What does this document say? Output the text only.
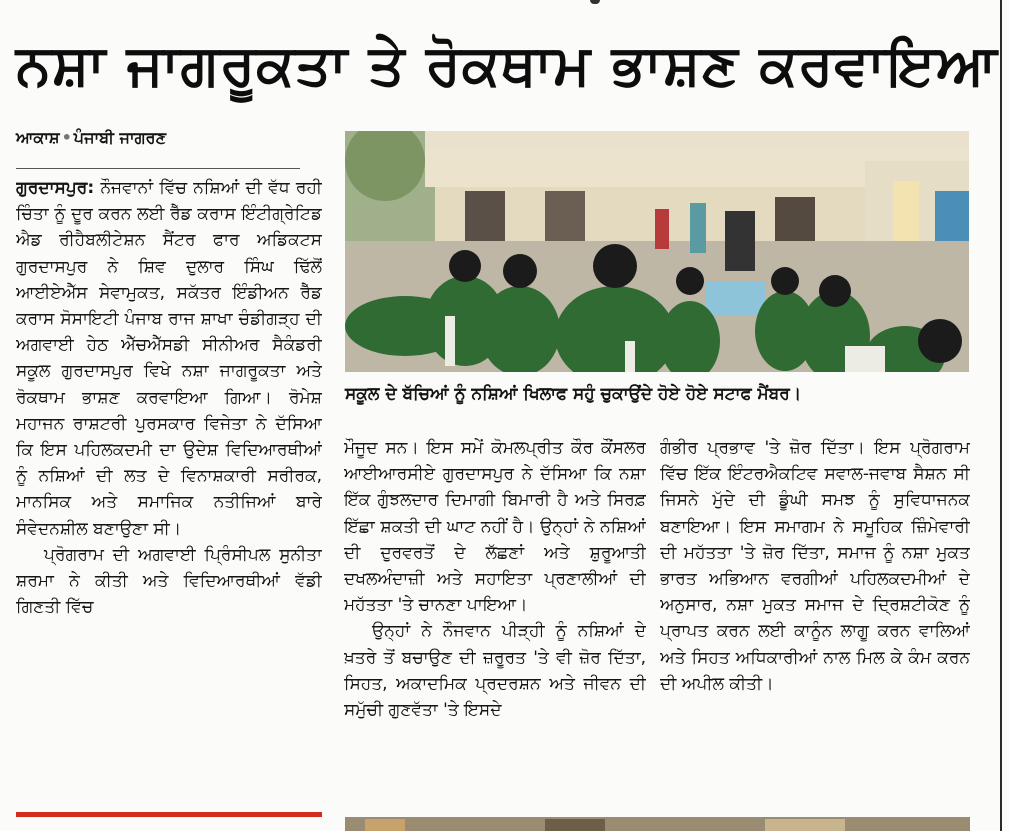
ਨਸ਼ਾ ਜਾਗਰੂਕਤਾ ਤੇ ਰੋਕਥਾਮ ਭਾਸ਼ਣ ਕਰਵਾਇਆ
ਆਕਾਸ਼ • ਪੰਜਾਬੀ ਜਾਗਰਣ

ਗੁਰਦਾਸਪੁਰ: ਨੌਜਵਾਨਾਂ ਵਿੱਚ ਨਸ਼ਿਆਂ ਦੀ ਵੱਧ ਰਹੀ ਚਿੰਤਾ ਨੂੰ ਦੂਰ ਕਰਨ ਲਈ ਰੈੱਡ ਕਰਾਸ ਇੰਟੀਗ੍ਰੇਟਿਡ ਐਡ ਰੀਹੈਬਲੀਟੇਸ਼ਨ ਸੈਂਟਰ ਫਾਰ ਅਡਿਕਟਸ ਗੁਰਦਾਸਪੁਰ ਨੇ ਸ਼ਿਵ ਦੁਲਾਰ ਸਿੰਘ ਢਿੱਲੋਂ ਆਈਏਐੱਸ ਸੇਵਾਮੁਕਤ, ਸਕੱਤਰ ਇੰਡੀਅਨ ਰੈੱਡ ਕਰਾਸ ਸੋਸਾਇਟੀ ਪੰਜਾਬ ਰਾਜ ਸ਼ਾਖਾ ਚੰਡੀਗੜ੍ਹ ਦੀ ਅਗਵਾਈ ਹੇਠ ਐੱਚਐੱਸਡੀ ਸੀਨੀਅਰ ਸੈਕੰਡਰੀ ਸਕੂਲ ਗੁਰਦਾਸਪੁਰ ਵਿਖੇ ਨਸ਼ਾ ਜਾਗਰੂਕਤਾ ਅਤੇ ਰੋਕਥਾਮ ਭਾਸ਼ਣ ਕਰਵਾਇਆ ਗਿਆ। ਰੋਮੇਸ਼ ਮਹਾਜਨ ਰਾਸ਼ਟਰੀ ਪੁਰਸਕਾਰ ਵਿਜੇਤਾ ਨੇ ਦੱਸਿਆ ਕਿ ਇਸ ਪਹਿਲਕਦਮੀ ਦਾ ਉਦੇਸ਼ ਵਿਦਿਆਰਥੀਆਂ ਨੂੰ ਨਸ਼ਿਆਂ ਦੀ ਲਤ ਦੇ ਵਿਨਾਸ਼ਕਾਰੀ ਸਰੀਰਕ, ਮਾਨਸਿਕ ਅਤੇ ਸਮਾਜਿਕ ਨਤੀਜਿਆਂ ਬਾਰੇ ਸੰਵੇਦਨਸ਼ੀਲ ਬਣਾਉਣਾ ਸੀ।

ਪ੍ਰੋਗਰਾਮ ਦੀ ਅਗਵਾਈ ਪ੍ਰਿੰਸੀਪਲ ਸੁਨੀਤਾ ਸ਼ਰਮਾ ਨੇ ਕੀਤੀ ਅਤੇ ਵਿਦਿਆਰਥੀਆਂ ਵੱਡੀ ਗਿਣਤੀ ਵਿੱਚ

ਸਕੂਲ ਦੇ ਬੱਚਿਆਂ ਨੂੰ ਨਸ਼ਿਆਂ ਖਿਲਾਫ ਸਹੁੰ ਚੁਕਾਉਂਦੇ ਹੋਏ ਹੋਏ ਸਟਾਫ ਮੈਂਬਰ।

ਮੌਜੂਦ ਸਨ। ਇਸ ਸਮੇਂ ਕੋਮਲਪ੍ਰੀਤ ਕੌਰ ਕੌਂਸਲਰ ਆਈਆਰਸੀਏ ਗੁਰਦਾਸਪੁਰ ਨੇ ਦੱਸਿਆ ਕਿ ਨਸ਼ਾ ਇੱਕ ਗੁੰਝਲਦਾਰ ਦਿਮਾਗੀ ਬਿਮਾਰੀ ਹੈ ਅਤੇ ਸਿਰਫ਼ ਇੱਛਾ ਸ਼ਕਤੀ ਦੀ ਘਾਟ ਨਹੀਂ ਹੈ। ਉਨ੍ਹਾਂ ਨੇ ਨਸ਼ਿਆਂ ਦੀ ਦੁਰਵਰਤੋਂ ਦੇ ਲੱਛਣਾਂ ਅਤੇ ਸ਼ੁਰੂਆਤੀ ਦਖਲਅੰਦਾਜ਼ੀ ਅਤੇ ਸਹਾਇਤਾ ਪ੍ਰਣਾਲੀਆਂ ਦੀ ਮਹੱਤਤਾ 'ਤੇ ਚਾਨਣਾ ਪਾਇਆ।

ਉਨ੍ਹਾਂ ਨੇ ਨੌਜਵਾਨ ਪੀੜ੍ਹੀ ਨੂੰ ਨਸ਼ਿਆਂ ਦੇ ਖ਼ਤਰੇ ਤੋਂ ਬਚਾਉਣ ਦੀ ਜ਼ਰੂਰਤ 'ਤੇ ਵੀ ਜ਼ੋਰ ਦਿੱਤਾ, ਸਿਹਤ, ਅਕਾਦਮਿਕ ਪ੍ਰਦਰਸ਼ਨ ਅਤੇ ਜੀਵਨ ਦੀ ਸਮੁੱਚੀ ਗੁਣਵੱਤਾ 'ਤੇ ਇਸਦੇ

ਗੰਭੀਰ ਪ੍ਰਭਾਵ 'ਤੇ ਜ਼ੋਰ ਦਿੱਤਾ। ਇਸ ਪ੍ਰੋਗਰਾਮ ਵਿੱਚ ਇੱਕ ਇੰਟਰਐਕਟਿਵ ਸਵਾਲ-ਜਵਾਬ ਸੈਸ਼ਨ ਸੀ ਜਿਸਨੇ ਮੁੱਦੇ ਦੀ ਡੂੰਘੀ ਸਮਝ ਨੂੰ ਸੁਵਿਧਾਜਨਕ ਬਣਾਇਆ। ਇਸ ਸਮਾਗਮ ਨੇ ਸਮੂਹਿਕ ਜ਼ਿੰਮੇਵਾਰੀ ਦੀ ਮਹੱਤਤਾ 'ਤੇ ਜ਼ੋਰ ਦਿੱਤਾ, ਸਮਾਜ ਨੂੰ ਨਸ਼ਾ ਮੁਕਤ ਭਾਰਤ ਅਭਿਆਨ ਵਰਗੀਆਂ ਪਹਿਲਕਦਮੀਆਂ ਦੇ ਅਨੁਸਾਰ, ਨਸ਼ਾ ਮੁਕਤ ਸਮਾਜ ਦੇ ਦ੍ਰਿਸ਼ਟੀਕੋਣ ਨੂੰ ਪ੍ਰਾਪਤ ਕਰਨ ਲਈ ਕਾਨੂੰਨ ਲਾਗੂ ਕਰਨ ਵਾਲਿਆਂ ਅਤੇ ਸਿਹਤ ਅਧਿਕਾਰੀਆਂ ਨਾਲ ਮਿਲ ਕੇ ਕੰਮ ਕਰਨ ਦੀ ਅਪੀਲ ਕੀਤੀ।
